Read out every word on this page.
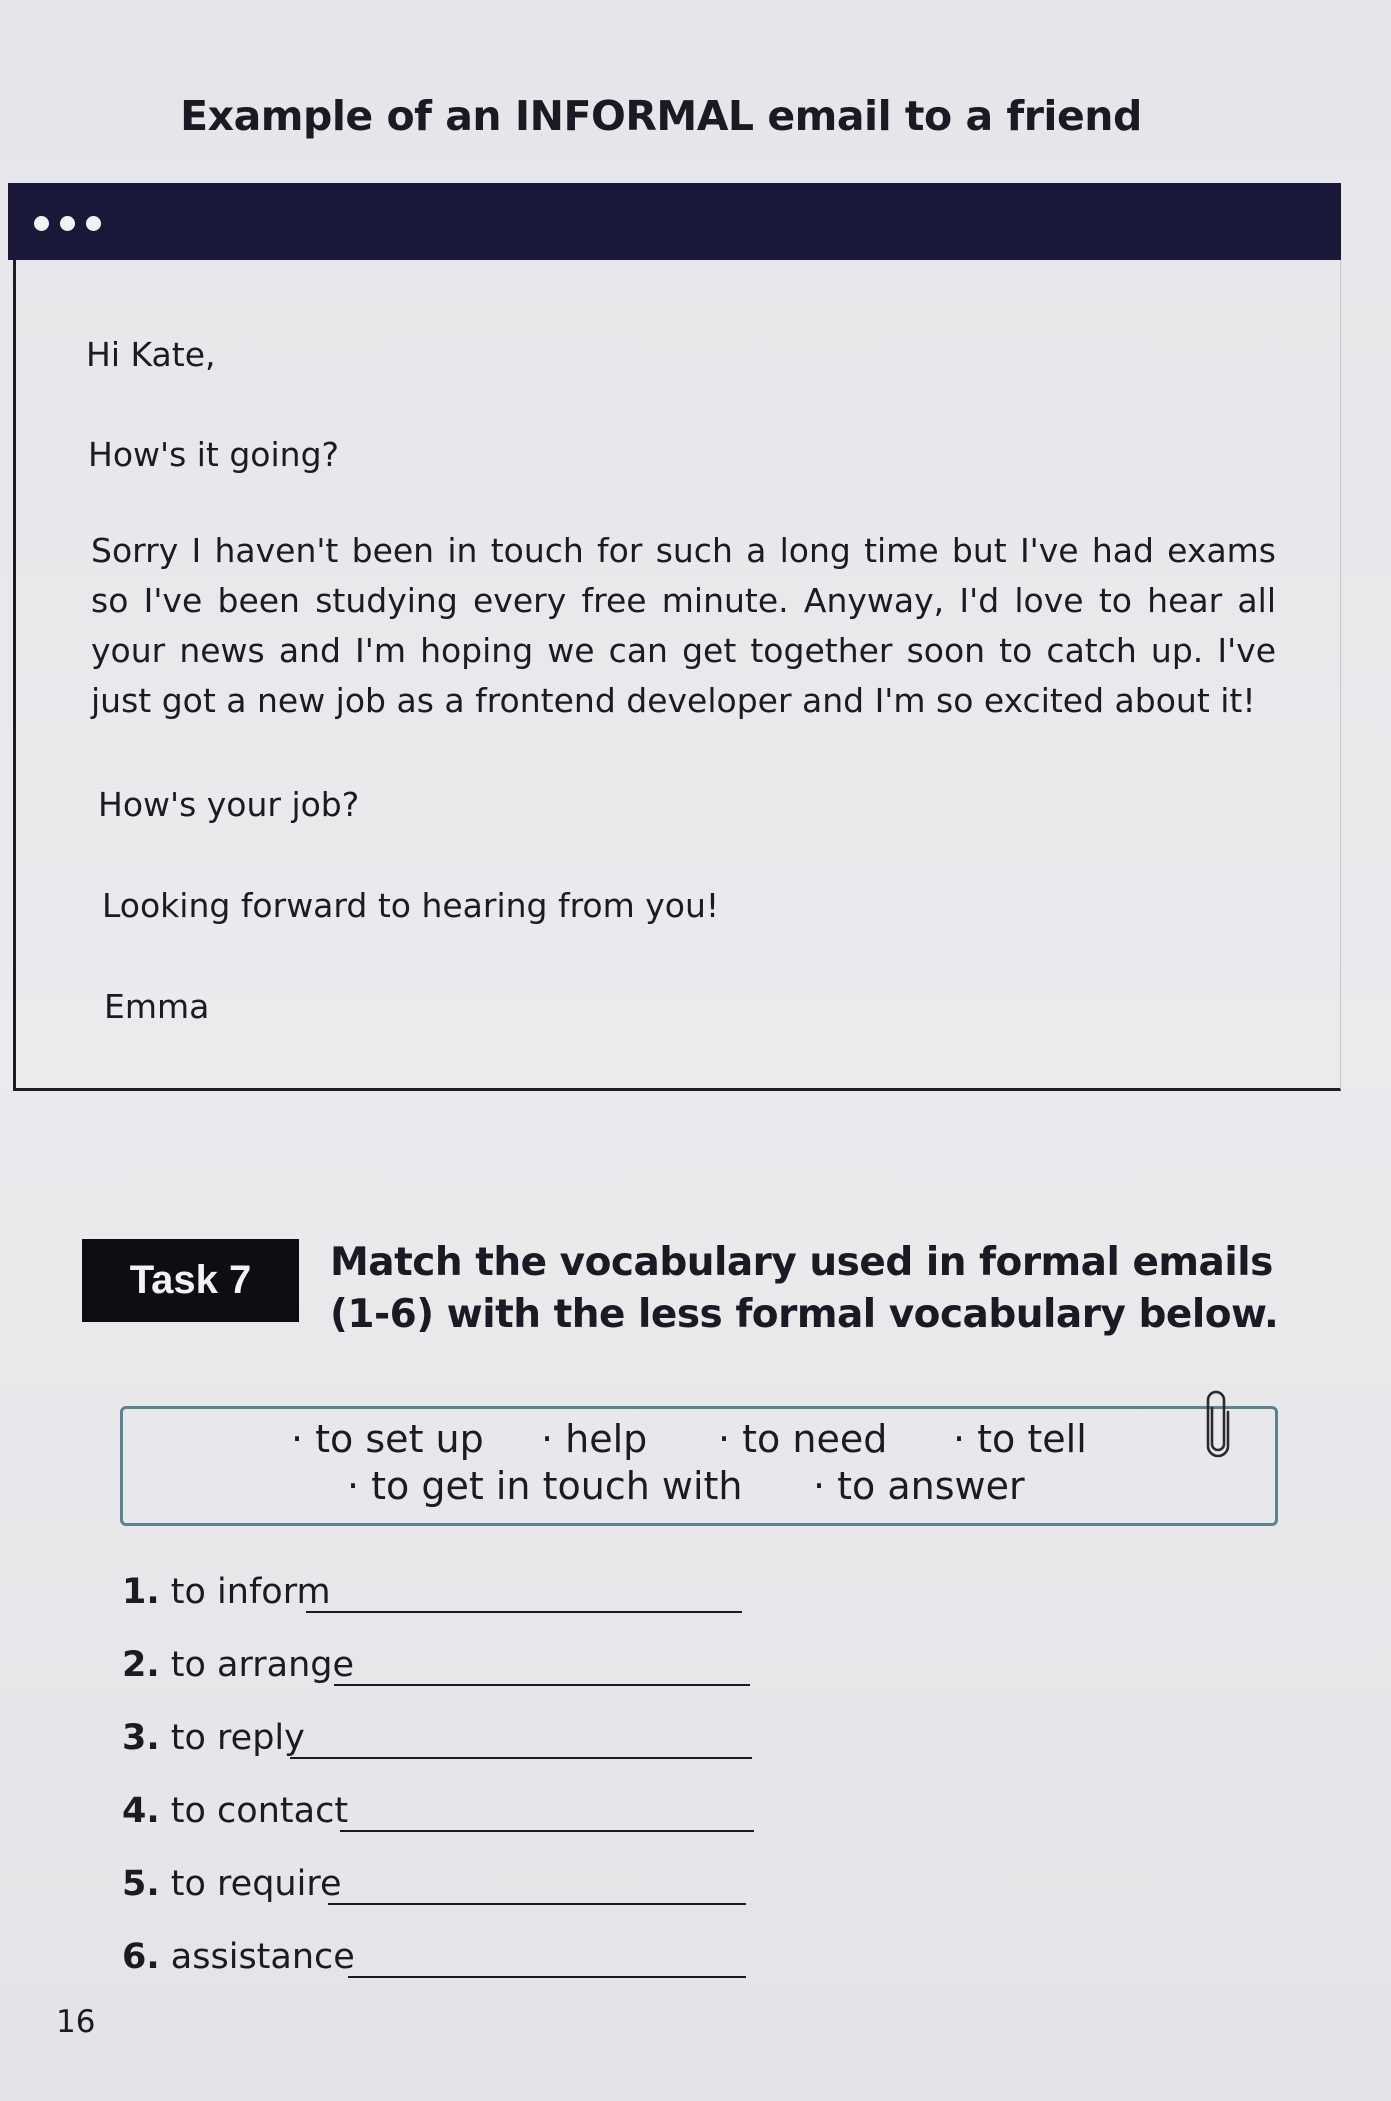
Example of an INFORMAL email to a friend
Hi Kate,
How's it going?
Sorry I haven't been in touch for such a long time but I've had exams so I've been studying every free minute. Anyway, I'd love to hear all your news and I'm hoping we can get together soon to catch up. I've just got a new job as a frontend developer and I'm so excited about it!
How's your job?
Looking forward to hearing from you!
Emma
Task 7	Match the vocabulary used in formal emails
(1-6) with the less formal vocabulary below.
· to set up · help · to need · to tell
· to get in touch with · to answer
1. to inform
2. to arrange
3. to reply
4. to contact
5. to require
6. assistance
16
